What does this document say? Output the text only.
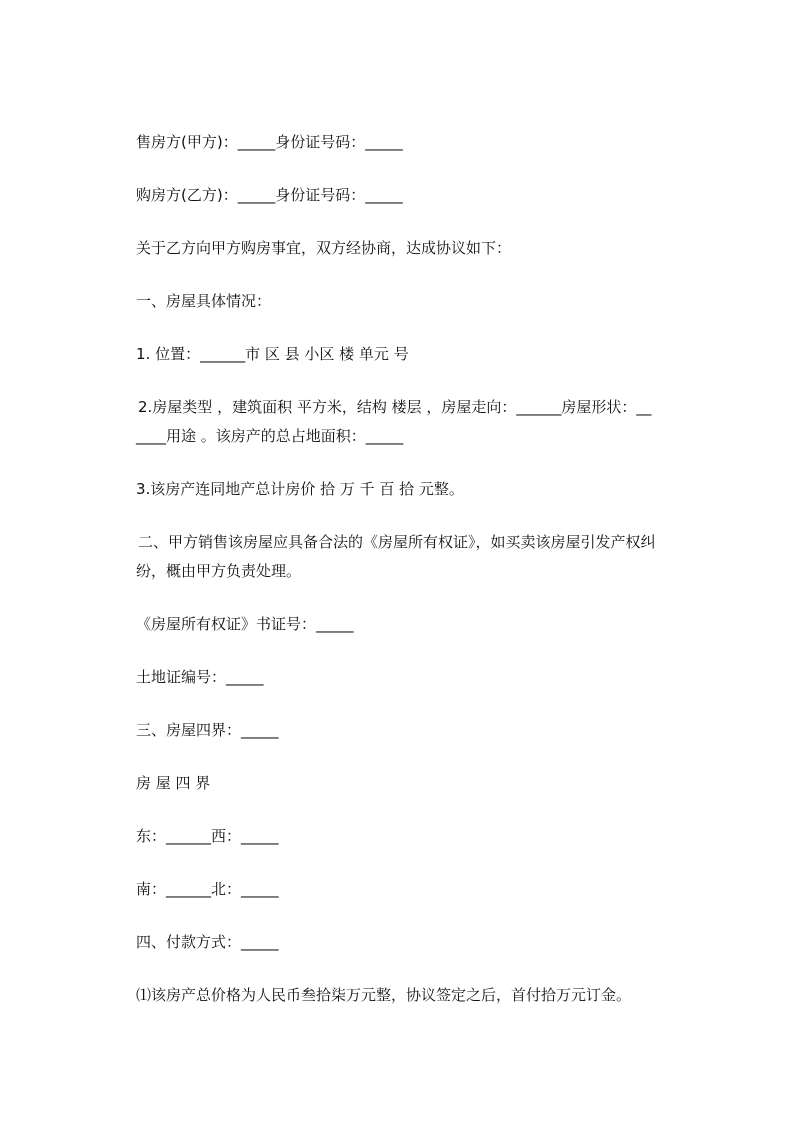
售房方(甲方)：_____身份证号码：_____
购房方(乙方)：_____身份证号码：_____
关于乙方向甲方购房事宜，双方经协商，达成协议如下：
一、房屋具体情况：
1. 位置：______市 区 县 小区 楼 单元 号
2.房屋类型 ，建筑面积 平方米，结构 楼层 ，房屋走向：______房屋形状：__
____用途 。该房产的总占地面积：_____
3.该房产连同地产总计房价 拾 万 千 百 拾 元整。
二、甲方销售该房屋应具备合法的《房屋所有权证》，如买卖该房屋引发产权纠
纷，概由甲方负责处理。
《房屋所有权证》书证号：_____
土地证编号：_____
三、房屋四界：_____
房 屋 四 界
东：______西：_____
南：______北：_____
四、付款方式：_____
⑴该房产总价格为人民币叁拾柒万元整，协议签定之后，首付拾万元订金。
